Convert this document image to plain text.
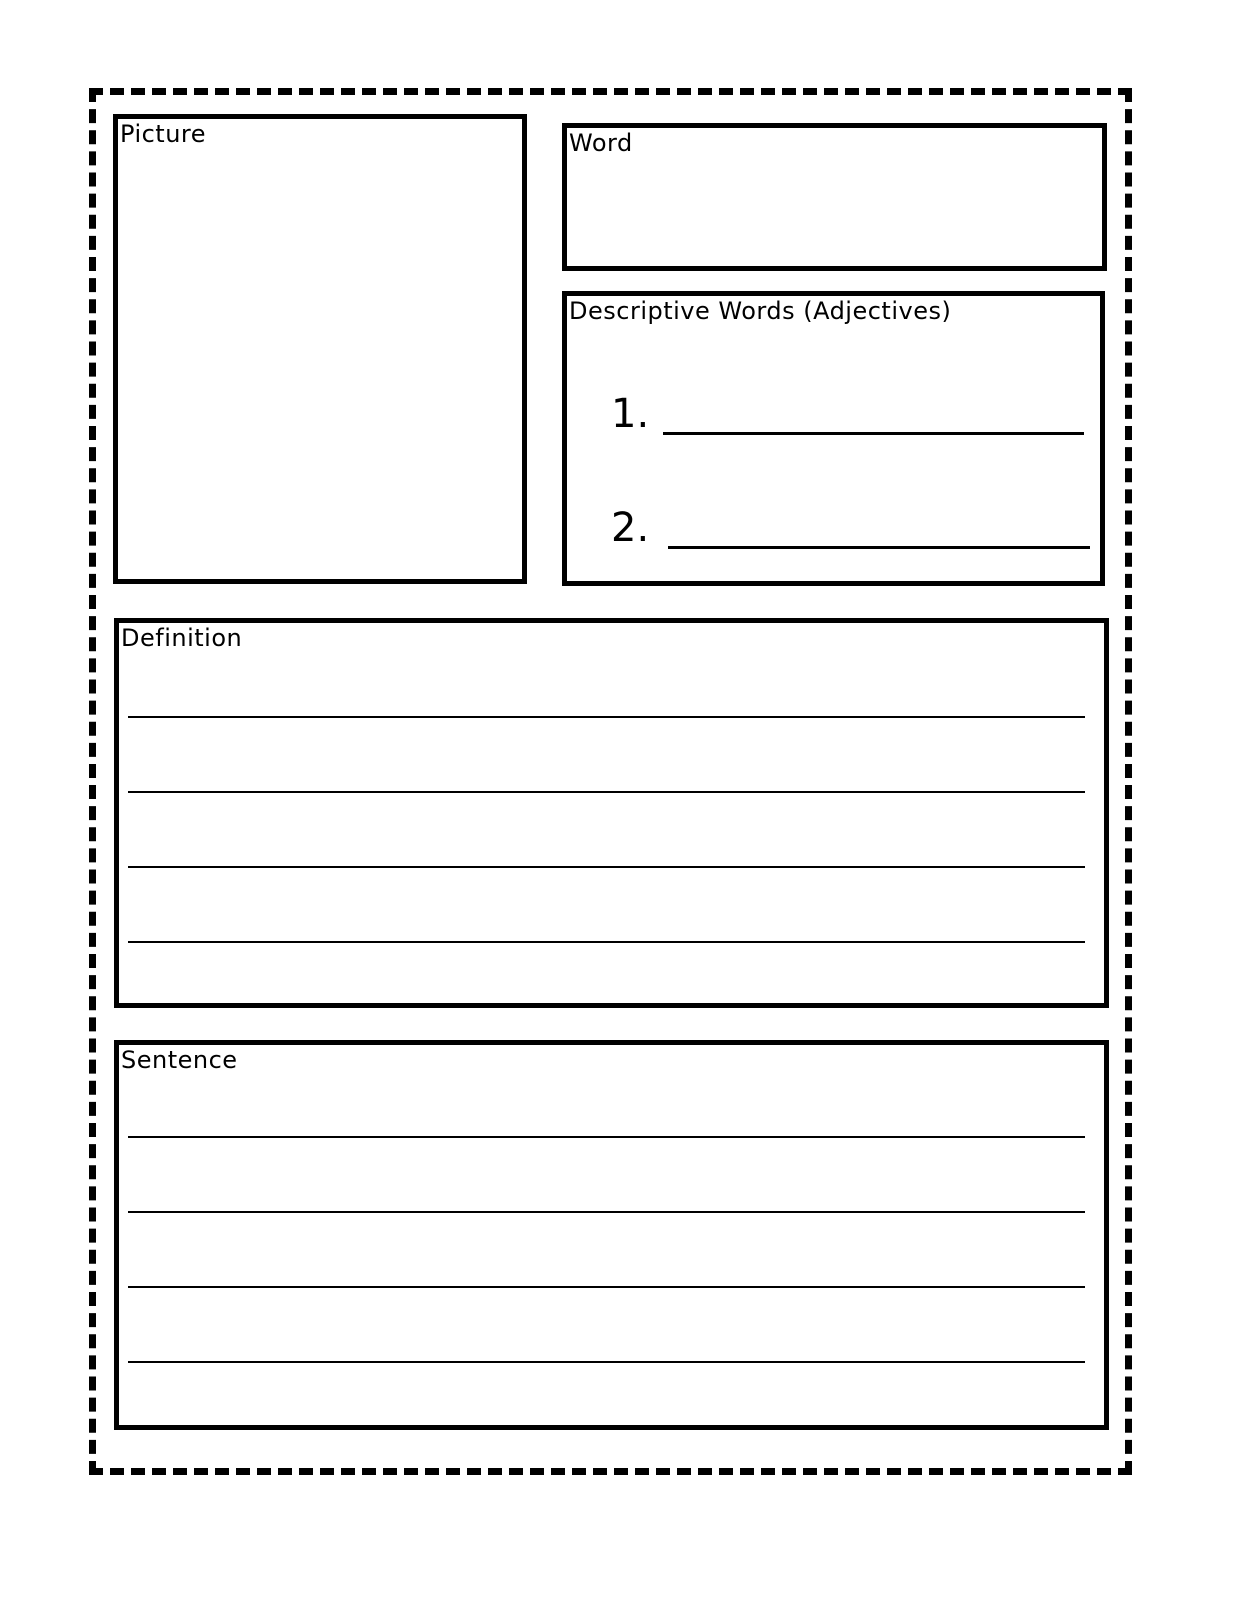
Picture	Word
Descriptive Words (Adjectives)
1.
2.
Definition
Sentence
